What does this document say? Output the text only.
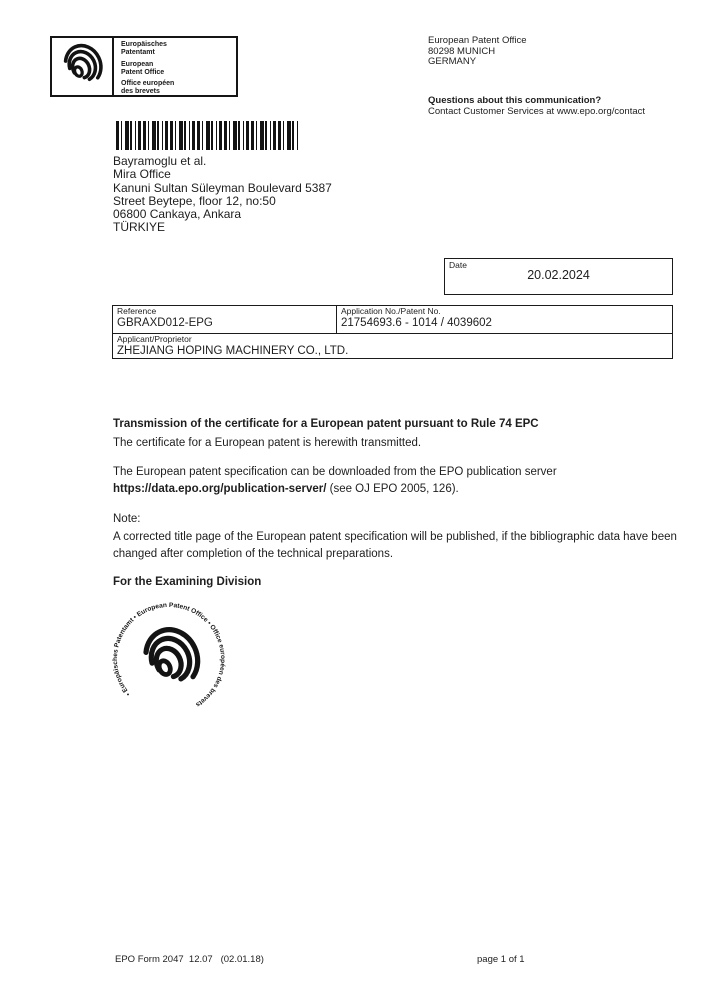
Europäisches
Patentamt
European
Patent Office
Office européen
des brevets
European Patent Office
80298 MUNICH
GERMANY
Questions about this communication?
Contact Customer Services at www.epo.org/contact
Bayramoglu et al.
Mira Office
Kanuni Sultan Süleyman Boulevard 5387
Street Beytepe, floor 12, no:50
06800 Cankaya, Ankara
TÜRKIYE
Date
20.02.2024
Reference
GBRAXD012-EPG
Application No./Patent No.
21754693.6 - 1014 / 4039602
Applicant/Proprietor
ZHEJIANG HOPING MACHINERY CO., LTD.
Transmission of the certificate for a European patent pursuant to Rule 74 EPC
The certificate for a European patent is herewith transmitted.
The European patent specification can be downloaded from the EPO publication server
https://data.epo.org/publication-server/ (see OJ EPO 2005, 126).
Note:
A corrected title page of the European patent specification will be published, if the bibliographic data have been changed after completion of the technical preparations.
For the Examining Division
• Europäisches Patentamt • European Patent Office • Office européen des brevets
EPO Form 2047  12.07   (02.01.18)	page 1 of 1
